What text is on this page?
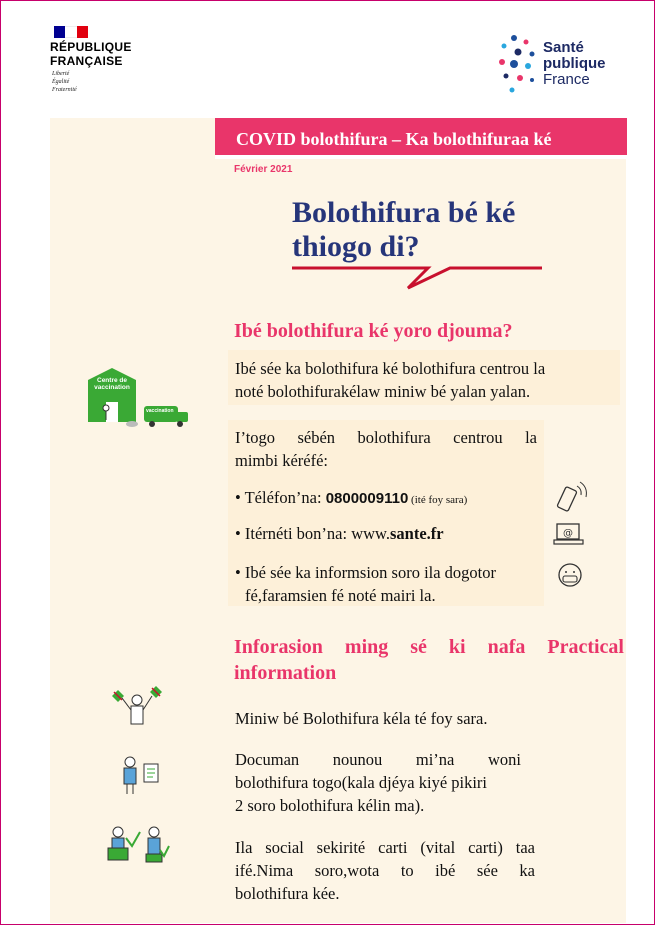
RÉPUBLIQUE
FRANÇAISE
Liberté
Égalité
Fraternité
Santé
publique
France
COVID bolothifura – Ka bolothifuraa ké
Février 2021
Bolothifura bé ké
thiogo di?
Ibé bolothifura ké yoro djouma?
Ibé sée ka bolothifura ké bolothifura centrou la
noté bolothifurakélaw miniw bé yalan yalan.
Centre de
vaccination
vaccination
I’togo sébén bolothifura centrou la
mimbi kéréfé:
• Téléfon’na: 0800009110 (ité foy sara)
• Itérnéti bon’na: www.sante.fr
• Ibé sée ka informsion soro ila dogotor
fé,faramsien fé noté mairi la.
@
Inforasion ming sé ki nafa Practical
information
Miniw bé Bolothifura kéla té foy sara.
Documan nounou mi’na woni
bolothifura togo(kala djéya kiyé pikiri
2 soro bolothifura kélin ma).
Ila social sekirité carti (vital carti) taa
ifé.Nima soro,wota to ibé sée ka
bolothifura kée.
